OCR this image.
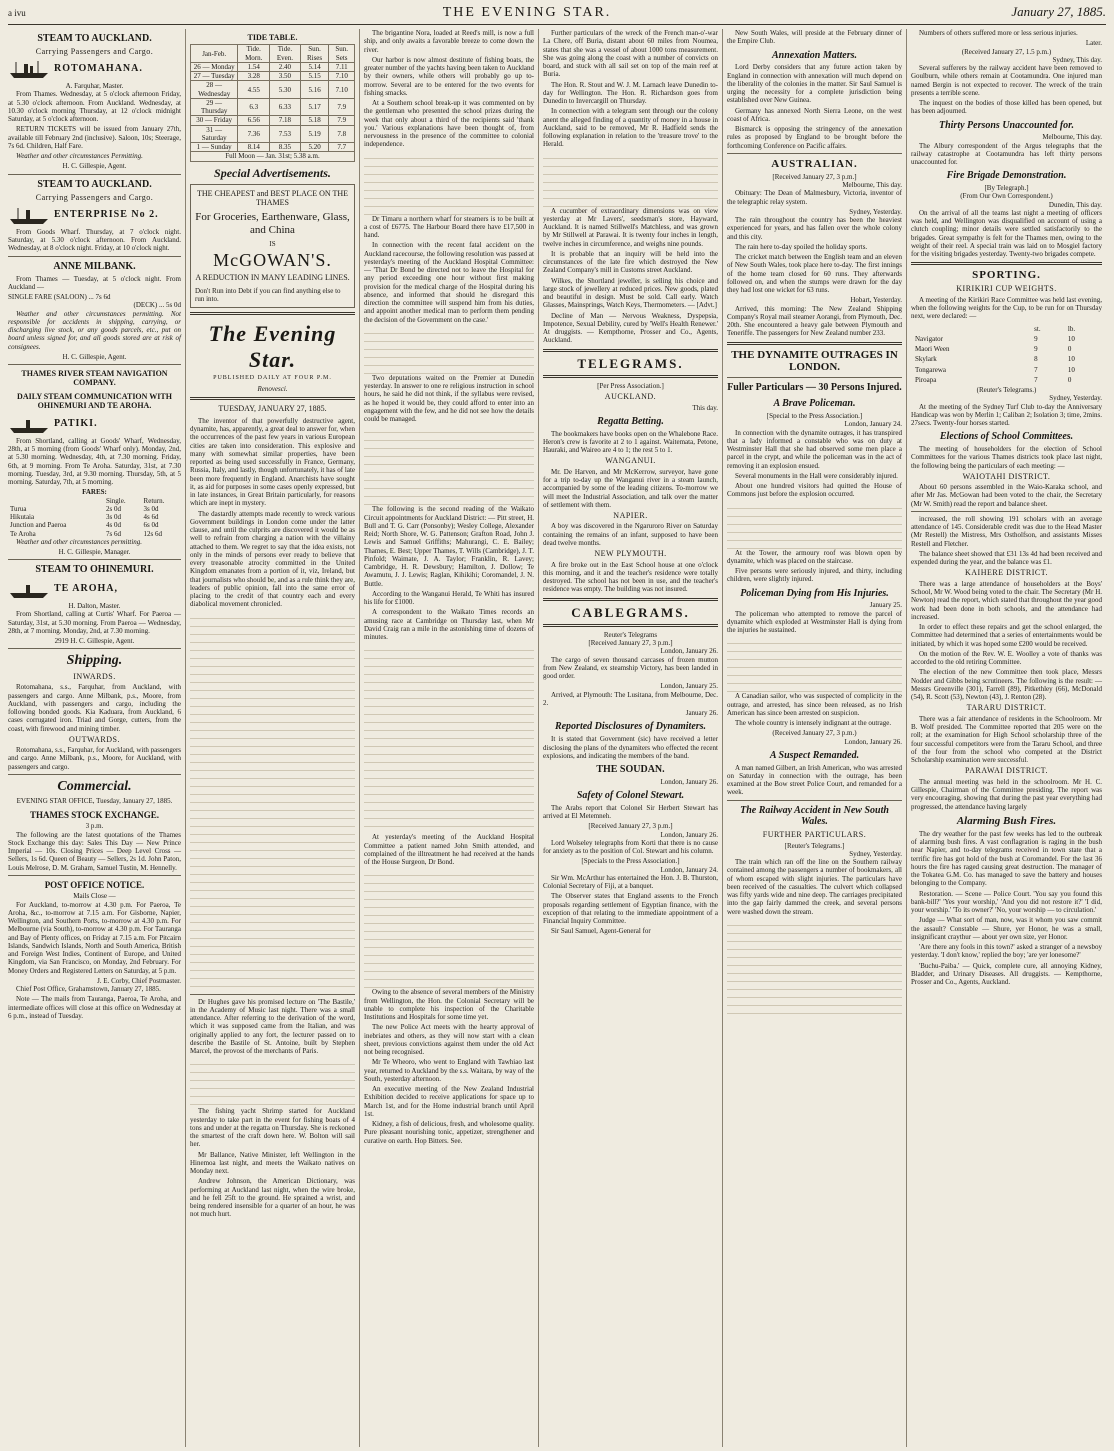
a ivu	THE EVENING STAR.	January 27, 1885.
STEAM TO AUCKLAND.
Carrying Passengers and Cargo.
ROTOMAHANA.
A. Farquhar, Master.

From Thames. Wednesday, at 5 o'clock afternoon Friday, at 5.30 o'clock afternoon. From Auckland. Wednesday, at 10.30 o'clock morning Thursday, at 12 o'clock midnight Saturday, at 5 o'clock afternoon.

RETURN TICKETS will be issued from January 27th, available till February 2nd (inclusive). Saloon, 10s; Steerage, 7s 6d. Children, Half Fare.

Weather and other circumstances Permitting.

H. C. Gillespie, Agent.
STEAM TO AUCKLAND.
Carrying Passengers and Cargo.
ENTERPRISE No 2.

From Goods Wharf. Thursday, at 7 o'clock night. Saturday, at 5.30 o'clock afternoon. From Auckland. Wednesday, at 8 o'clock night. Friday, at 10 o'clock night.

ANNE MILBANK.

From Thames — Tuesday, at 5 o'clock night. From Auckland —

SINGLE FARE (SALOON) ... 7s 6d
(DECK) ... 5s 0d

Weather and other circumstances permitting. Not responsible for accidents in shipping, carrying, or discharging live stock, or any goods parcels, etc., put on board unless signed for, and all goods stored are at risk of consignees.

H. C. Gillespie, Agent.
THAMES RIVER STEAM NAVIGATION COMPANY.
DAILY STEAM COMMUNICATION WITH OHINEMURI AND TE AROHA.
PATIKI.

From Shortland, calling at Goods' Wharf, Wednesday, 28th, at 5 morning (from Goods' Wharf only). Monday, 2nd, at 5.30 morning. Wednesday, 4th, at 7.30 morning. Friday, 6th, at 9 morning. From Te Aroha. Saturday, 31st, at 7.30 morning. Tuesday, 3rd, at 9.30 morning. Thursday, 5th, at 5 morning. Saturday, 7th, at 5 morning.

FARES:
	Single.	Return.
Turua	2s 0d	3s 0d
Hikutaia	3s 0d	4s 6d
Junction and Paeroa	4s 0d	6s 0d
Te Aroha	7s 6d	12s 6d

Weather and other circumstances permitting.

H. C. Gillespie, Manager.
STEAM TO OHINEMURI.
TE AROHA,
H. Dalton, Master.

From Shortland, calling at Curtis' Wharf. For Paeroa — Saturday, 31st, at 5.30 morning. From Paeroa — Wednesday, 28th, at 7 morning. Monday, 2nd, at 7.30 morning.

2919 H. C. Gillespie, Agent.
Shipping.
INWARDS.

Rotomahana, s.s., Farquhar, from Auckland, with passengers and cargo. Anne Milbank, p.s., Moore, from Auckland, with passengers and cargo, including the following bonded goods. Kia Kaduara, from Auckland, 6 cases corrugated iron. Triad and Gorge, cutters, from the coast, with firewood and mining timber.

OUTWARDS.

Rotomahana, s.s., Farquhar, for Auckland, with passengers and cargo. Anne Milbank, p.s., Moore, for Auckland, with passengers and cargo.

Commercial.
EVENING STAR OFFICE, Tuesday, January 27, 1885.
THAMES STOCK EXCHANGE.
3 p.m.

The following are the latest quotations of the Thames Stock Exchange this day: Sales This Day — New Prince Imperial — 10s. Closing Prices — Deep Level Cross — Sellers, 1s 6d. Queen of Beauty — Sellers, 2s 1d. John Paton, Louis Melrose, D. M. Graham, Samuel Tustin, M. Hennelly.

POST OFFICE NOTICE.
Mails Close —

For Auckland, to-morrow at 4.30 p.m. For Paeroa, Te Aroha, &c., to-morrow at 7.15 a.m. For Gisborne, Napier, Wellington, and Southern Ports, to-morrow at 4.30 p.m. For Melbourne (via South), to-morrow at 4.30 p.m. For Tauranga and Bay of Plenty offices, on Friday at 7.15 a.m. For Pitcairn Islands, Sandwich Islands, North and South America, British and Foreign West Indies, Continent of Europe, and United Kingdom, via San Francisco, on Monday, 2nd February. For Money Orders and Registered Letters on Saturday, at 5 p.m.

J. E. Corby, Chief Postmaster.

Chief Post Office, Grahamstown, January 27, 1885.

Note — The mails from Tauranga, Paeroa, Te Aroha, and intermediate offices will close at this office on Wednesday at 6 p.m., instead of Tuesday.

TIDE TABLE.
Jan-Feb.	Tide. Morn.	Tide. Even.	Sun. Rises	Sun. Sets
26 — Monday	1.54	2.40	5.14	7.11
27 — Tuesday	3.28	3.50	5.15	7.10
28 — Wednesday	4.55	5.30	5.16	7.10
29 — Thursday	6.3	6.33	5.17	7.9
30 — Friday	6.56	7.18	5.18	7.9
31 — Saturday	7.36	7.53	5.19	7.8
1 — Sunday	8.14	8.35	5.20	7.7
Full Moon — Jan. 31st; 5.38 a.m.
Special Advertisements.
THE CHEAPEST and BEST PLACE ON THE THAMES
For Groceries, Earthenware, Glass, and China
IS
McGOWAN'S.
A REDUCTION IN MANY LEADING LINES.
Don't Run into Debt if you can find anything else to run into.
The Evening Star.
PUBLISHED DAILY AT FOUR P.M.
Renovesci.
TUESDAY, JANUARY 27, 1885.

The inventor of that powerfully destructive agent, dynamite, has, apparently, a great deal to answer for, when the occurrences of the past few years in various European cities are taken into consideration. This explosive and many with somewhat similar properties, have been reported as being used successfully in France, Germany, Russia, Italy, and lastly, though unfortunately, it has of late been more frequently in England. Anarchists have sought it, as aid for purposes in some cases openly expressed, but in late instances, in Great Britain particularly, for reasons which are inept in mystery.

The dastardly attempts made recently to wreck various Government buildings in London come under the latter clause, and until the culprits are discovered it would be as well to refrain from charging a nation with the villainy attached to them. We regret to say that the idea exists, not only in the minds of persons ever ready to believe that every treasonable atrocity committed in the United Kingdom emanates from a portion of it, viz, Ireland, but that journalists who should be, and as a rule think they are, leaders of public opinion, fall into the same error of placing to the credit of that country each and every diabolical movement chronicled.

Dr Hughes gave his promised lecture on 'The Bastile,' in the Academy of Music last night. There was a small attendance. After referring to the derivation of the word, which it was supposed came from the Italian, and was originally applied to any fort, the lecturer passed on to describe the Bastile of St. Antoine, built by Stephen Marcel, the provost of the merchants of Paris.

The fishing yacht Shrimp started for Auckland yesterday to take part in the event for fishing boats of 4 tons and under at the regatta on Thursday. She is reckoned the smartest of the craft down here. W. Bolton will sail her.

Mr Ballance, Native Minister, left Wellington in the Hinemoa last night, and meets the Waikato natives on Monday next.

Andrew Johnson, the American Dictionary, was performing at Auckland last night, when the wire broke, and he fell 25ft to the ground. He sprained a wrist, and being rendered insensible for a quarter of an hour, he was not much hurt.

The brigantine Nora, loaded at Reed's mill, is now a full ship, and only awaits a favorable breeze to come down the river.

Our harbor is now almost destitute of fishing boats, the greater number of the yachts having been taken to Auckland by their owners, while others will probably go up to-morrow. Several are to be entered for the two events for fishing smacks.

At a Southern school break-up it was commented on by the gentleman who presented the school prizes during the week that only about a third of the recipients said 'thank you.' Various explanations have been thought of, from nervousness in the presence of the committee to colonial independence.

Dr Timaru a northern wharf for steamers is to be built at a cost of £6775. The Harbour Board there have £17,500 in hand.

In connection with the recent fatal accident on the Auckland racecourse, the following resolution was passed at yesterday's meeting of the Auckland Hospital Committee: — 'That Dr Bond be directed not to leave the Hospital for any period exceeding one hour without first making provision for the medical charge of the Hospital during his absence, and informed that should he disregard this direction the committee will suspend him from his duties, and appoint another medical man to perform them pending the decision of the Government on the case.'

Two deputations waited on the Premier at Dunedin yesterday. In answer to one re religious instruction in school hours, he said he did not think, if the syllabus were revised, as he hoped it would be, they could afford to enter into an engagement with the few, and he did not see how the details could be managed.

The following is the second reading of the Waikato Circuit appointments for Auckland District: — Pitt street, H. Bull and T. G. Carr (Ponsonby); Wesley College, Alexander Reid; North Shore, W. G. Pattenson; Grafton Road, John J. Lewis and Samuel Griffiths; Mahurangi, C. E. Bailey; Thames, E. Best; Upper Thames, T. Wills (Cambridge), J. T. Pinfold; Waimate, J. A. Taylor; Franklin, R. Lavey; Cambridge, H. R. Dewsbury; Hamilton, J. Dollow; Te Awamutu, J. J. Lewis; Raglan, Kihikihi; Coromandel, J. N. Buttle.

According to the Wanganui Herald, Te Whiti has insured his life for £1000.

A correspondent to the Waikato Times records an amusing race at Cambridge on Thursday last, when Mr David Craig ran a mile in the astonishing time of dozens of minutes.

At yesterday's meeting of the Auckland Hospital Committee a patient named John Smith attended, and complained of the illtreatment he had received at the hands of the House Surgeon, Dr Bond.

Owing to the absence of several members of the Ministry from Wellington, the Hon. the Colonial Secretary will be unable to complete his inspection of the Charitable Institutions and Hospitals for some time yet.

The new Police Act meets with the hearty approval of inebriates and others, as they will now start with a clean sheet, previous convictions against them under the old Act not being recognised.

Mr Te Wheoro, who went to England with Tawhiao last year, returned to Auckland by the s.s. Waitara, by way of the South, yesterday afternoon.

An executive meeting of the New Zealand Industrial Exhibition decided to receive applications for space up to March 1st, and for the Home industrial branch until April 1st.

Kidney, a fish of delicious, fresh, and wholesome quality. Pure pleasant nourishing tonic, appetizer, strengthener and curative on earth. Hop Bitters. See.

Further particulars of the wreck of the French man-o'-war La Chere, off Buria, distant about 60 miles from Noumea, states that she was a vessel of about 1000 tons measurement. She was going along the coast with a number of convicts on board, and stuck with all sail set on top of the main reef at Buria.

The Hon. R. Stout and W. J. M. Larnach leave Dunedin to-day for Wellington. The Hon. R. Richardson goes from Dunedin to Invercargill on Thursday.

In connection with a telegram sent through our the colony anent the alleged finding of a quantity of money in a house in Auckland, said to be removed, Mr R. Hadfield sends the following explanation in relation to the 'treasure trove' to the Herald.

A cucumber of extraordinary dimensions was on view yesterday at Mr Lavers', seedsman's store, Hayward, Auckland. It is named Stillwell's Matchless, and was grown by Mr Stillwell at Parawai. It is twenty four inches in length, twelve inches in circumference, and weighs nine pounds.

It is probable that an inquiry will be held into the circumstances of the late fire which destroyed the New Zealand Company's mill in Customs street Auckland.

Wilkes, the Shortland jeweller, is selling his choice and large stock of jewellery at reduced prices. New goods, plated and beautiful in design. Must be sold. Call early. Watch Glasses, Mainsprings, Watch Keys, Thermometers. — [Advt.]

Decline of Man — Nervous Weakness, Dyspepsia, Impotence, Sexual Debility, cured by 'Well's Health Renewer.' At druggists. — Kempthorne, Prosser and Co., Agents, Auckland.

TELEGRAMS.
[Per Press Association.]
AUCKLAND.
This day.
Regatta Betting.

The bookmakers have books open on the Whalebone Race. Heron's crew is favorite at 2 to 1 against. Waitemata, Petone, Hauraki, and Waireo are 4 to 1; the rest 5 to 1.

WANGANUI.

Mr. De Harven, and Mr McKerrow, surveyor, have gone for a trip to-day up the Wanganui river in a steam launch, accompanied by some of the leading citizens. To-morrow we will meet the Industrial Association, and talk over the matter of settlement with them.

NAPIER.

A boy was discovered in the Ngaruroro River on Saturday containing the remains of an infant, supposed to have been dead twelve months.

NEW PLYMOUTH.

A fire broke out in the East School house at one o'clock this morning, and it and the teacher's residence were totally destroyed. The school has not been in use, and the teacher's residence was empty. The building was not insured.

CABLEGRAMS.
Reuter's Telegrams
[Received January 27, 3 p.m.]
London, January 26.

The cargo of seven thousand carcases of frozen mutton from New Zealand, ex steamship Victory, has been landed in good order.

London, January 25.

Arrived, at Plymouth: The Lusitana, from Melbourne, Dec. 2.

January 26.
Reported Disclosures of Dynamiters.

It is stated that Government (sic) have received a letter disclosing the plans of the dynamiters who effected the recent explosions, and indicating the members of the band.

THE SOUDAN.
London, January 26.
Safety of Colonel Stewart.

The Arabs report that Colonel Sir Herbert Stewart has arrived at El Metemneh.

[Received January 27, 3 p.m.]
London, January 26.

Lord Wolseley telegraphs from Korti that there is no cause for anxiety as to the position of Col. Stewart and his column.

[Specials to the Press Association.]
London, January 24.

Sir Wm. McArthur has entertained the Hon. J. B. Thurston, Colonial Secretary of Fiji, at a banquet.

The Observer states that England assents to the French proposals regarding settlement of Egyptian finance, with the exception of that relating to the immediate appointment of a Financial Inquiry Committee.

Sir Saul Samuel, Agent-General for

New South Wales, will preside at the February dinner of the Empire Club.

Annexation Matters.

Lord Derby considers that any future action taken by England in connection with annexation will much depend on the liberality of the colonies in the matter. Sir Saul Samuel is urging the necessity for a complete jurisdiction being established over New Guinea.

Germany has annexed North Sierra Leone, on the west coast of Africa.

Bismarck is opposing the stringency of the annexation rules as proposed by England to be brought before the forthcoming Conference on Pacific affairs.

AUSTRALIAN.
[Received January 27, 3 p.m.]
Melbourne, This day.

Obituary: The Dean of Malmesbury, Victoria, inventor of the telegraphic relay system.

Sydney, Yesterday.

The rain throughout the country has been the heaviest experienced for years, and has fallen over the whole colony and this city.

The rain here to-day spoiled the holiday sports.

The cricket match between the English team and an eleven of New South Wales, took place here to-day. The first innings of the home team closed for 60 runs. They afterwards followed on, and when the stumps were drawn for the day they had lost one wicket for 63 runs.

Hobart, Yesterday.

Arrived, this morning: The New Zealand Shipping Company's Royal mail steamer Aorangi, from Plymouth, Dec. 20th. She encountered a heavy gale between Plymouth and Teneriffe. The passengers for New Zealand number 233.

THE DYNAMITE OUTRAGES IN LONDON.
Fuller Particulars — 30 Persons Injured.
A Brave Policeman.
[Special to the Press Association.]
London, January 24.

In connection with the dynamite outrages, it has transpired that a lady informed a constable who was on duty at Westminster Hall that she had observed some men place a parcel in the crypt, and while the policeman was in the act of removing it an explosion ensued.

Several monuments in the Hall were considerably injured.

About one hundred visitors had quitted the House of Commons just before the explosion occurred.

At the Tower, the armoury roof was blown open by dynamite, which was placed on the staircase.

Five persons were seriously injured, and thirty, including children, were slightly injured.

Policeman Dying from His Injuries.
January 25.

The policeman who attempted to remove the parcel of dynamite which exploded at Westminster Hall is dying from the injuries he sustained.

A Canadian sailor, who was suspected of complicity in the outrage, and arrested, has since been released, as no Irish American has since been arrested on suspicion.

The whole country is intensely indignant at the outrage.

(Received January 27, 3 p.m.)
London, January 26.
A Suspect Remanded.

A man named Gilbert, an Irish American, who was arrested on Saturday in connection with the outrage, has been examined at the Bow street Police Court, and remanded for a week.

The Railway Accident in New South Wales.
FURTHER PARTICULARS.
[Reuter's Telegrams.]
Sydney, Yesterday.

The train which ran off the line on the Southern railway contained among the passengers a number of bookmakers, all of whom escaped with slight injuries. The particulars have been received of the casualties. The culvert which collapsed was fifty yards wide and nine deep. The carriages precipitated into the gap fairly dammed the creek, and several persons were washed down the stream.

Numbers of others suffered more or less serious injuries.

Later.
(Received January 27, 1.5 p.m.)
Sydney, This day.

Several sufferers by the railway accident have been removed to Goulburn, while others remain at Cootamundra. One injured man named Bergin is not expected to recover. The wreck of the train presents a terrible scene.

The inquest on the bodies of those killed has been opened, but has been adjourned.

Thirty Persons Unaccounted for.
Melbourne, This day.

The Albury correspondent of the Argus telegraphs that the railway catastrophe at Cootamundra has left thirty persons unaccounted for.

Fire Brigade Demonstration.
[By Telegraph.]
(From Our Own Correspondent.)
Dunedin, This day.

On the arrival of all the teams last night a meeting of officers was held, and Wellington was disqualified on account of using a clutch coupling; minor details were settled satisfactorily to the brigades. Great sympathy is felt for the Thames men, owing to the weight of their reel. A special train was laid on to Mosgiel factory for the visiting brigades yesterday. Twenty-two brigades compete.

SPORTING.
KIRIKIRI CUP WEIGHTS.

A meeting of the Kirikiri Race Committee was held last evening, when the following weights for the Cup, to be run for on Thursday next, were declared: —

	st.	lb.
Navigator	9	10
Maori Ween	9	0
Skylark	8	10
Tongarewa	7	10
Piroapa	7	0
(Reuter's Telegrams.)
Sydney, Yesterday.

At the meeting of the Sydney Turf Club to-day the Anniversary Handicap was won by Merlin 1; Caliban 2; Isolation 3; time, 2mins. 27secs. Twenty-four horses started.

Elections of School Committees.

The meeting of householders for the election of School Committees for the various Thames districts took place last night, the following being the particulars of each meeting: —

WAIOTAHI DISTRICT.

About 60 persons assembled in the Waio-Karaka school, and after Mr Jas. McGowan had been voted to the chair, the Secretary (Mr W. Smith) read the report and balance sheet.

increased, the roll showing 191 scholars with an average attendance of 145. Considerable credit was due to the Head Master (Mr Restell) the Mistress, Mrs Ostholfson, and assistants Misses Restell and Fletcher.

The balance sheet showed that £31 13s 4d had been received and expended during the year, and the balance was £1.

KAIHERE DISTRICT.

There was a large attendance of householders at the Boys' School, Mr W. Wood being voted to the chair. The Secretary (Mr H. Newton) read the report, which stated that throughout the year good work had been done in both schools, and the attendance had increased.

In order to effect these repairs and get the school enlarged, the Committee had determined that a series of entertainments would be initiated, by which it was hoped some £200 would be received.

On the motion of the Rev. W. E. Woolley a vote of thanks was accorded to the old retiring Committee.

The election of the new Committee then took place, Messrs Nodder and Gibbs being scrutineers. The following is the result: — Messrs Greenville (301), Farrell (89), Pitkethley (66), McDonald (54), R. Scott (53), Newton (43), J. Renton (28).

TARARU DISTRICT.

There was a fair attendance of residents in the Schoolroom. Mr B. Wolf presided. The Committee reported that 205 were on the roll; at the examination for High School scholarship three of the four successful competitors were from the Tararu School, and three of the four from the school who competed at the District Scholarship examination were successful.

PARAWAI DISTRICT.

The annual meeting was held in the schoolroom. Mr H. C. Gillespie, Chairman of the Committee presiding. The report was very encouraging, showing that during the past year everything had progressed, the attendance having largely

Alarming Bush Fires.

The dry weather for the past few weeks has led to the outbreak of alarming bush fires. A vast conflagration is raging in the bush near Napier, and to-day telegrams received in town state that a terrific fire has got hold of the bush at Coromandel. For the last 36 hours the fire has raged causing great destruction. The manager of the Tokatea G.M. Co. has managed to save the battery and houses belonging to the Company.

Restoration. — Scene — Police Court. 'You say you found this bank-bill?' 'Yes your worship,' 'And you did not restore it?' 'I did, your worship.' 'To its owner?' 'No, your worship — to circulation.'

Judge — What sort of man, now, was it whom you saw commit the assault? Constable — Shure, yer Honor, he was a small, insignificant craythur — about yer own size, yer Honor.

'Are there any fools in this town?' asked a stranger of a newsboy yesterday. 'I don't know,' replied the boy; 'are yer lonesome?'

'Buchu-Paiba.' — Quick, complete cure, all annoying Kidney, Bladder, and Urinary Diseases. All druggists. — Kempthorne, Prosser and Co., Agents, Auckland.
